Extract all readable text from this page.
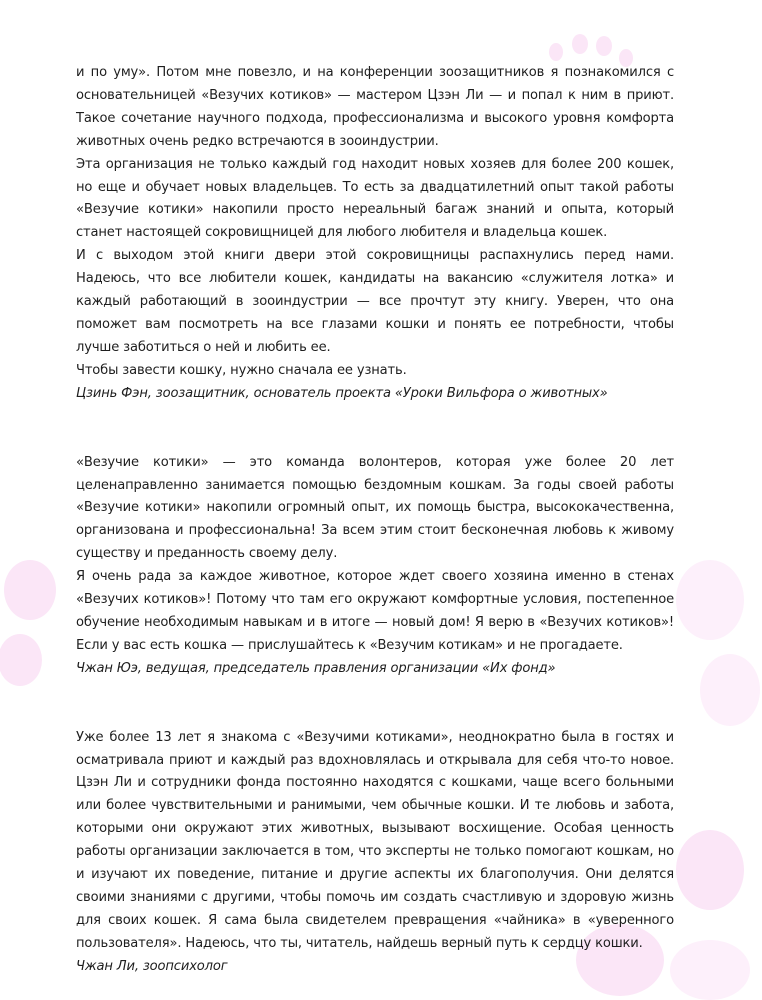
и по уму». Потом мне повезло, и на конференции зоозащитников я познакомился с основательницей «Везучих котиков» — мастером Цзэн Ли — и попал к ним в приют. Такое сочетание научного подхода, профессионализма и высокого уровня комфорта животных очень редко встречаются в зооиндустрии.

Эта организация не только каждый год находит новых хозяев для более 200 кошек, но еще и обучает новых владельцев. То есть за двадцатилетний опыт такой работы «Везучие котики» накопили просто нереальный багаж знаний и опыта, который станет настоящей сокровищницей для любого любителя и владельца кошек.

И с выходом этой книги двери этой сокровищницы распахнулись перед нами. Надеюсь, что все любители кошек, кандидаты на вакансию «служителя лотка» и каждый работающий в зооиндустрии — все прочтут эту книгу. Уверен, что она поможет вам посмотреть на все глазами кошки и понять ее потребности, чтобы лучше заботиться о ней и любить ее.

Чтобы завести кошку, нужно сначала ее узнать.

Цзинь Фэн, зоозащитник, основатель проекта «Уроки Вильфора о животных»

«Везучие котики» — это команда волонтеров, которая уже более 20 лет целенаправленно занимается помощью бездомным кошкам. За годы своей работы «Везучие котики» накопили огромный опыт, их помощь быстра, высококачественна, организована и профессиональна! За всем этим стоит бесконечная любовь к живому существу и преданность своему делу.

Я очень рада за каждое животное, которое ждет своего хозяина именно в стенах «Везучих котиков»! Потому что там его окружают комфортные условия, постепенное обучение необходимым навыкам и в итоге — новый дом! Я верю в «Везучих котиков»! Если у вас есть кошка — прислушайтесь к «Везучим котикам» и не прогадаете.

Чжан Юэ, ведущая, председатель правления организации «Их фонд»

Уже более 13 лет я знакома с «Везучими котиками», неоднократно была в гостях и осматривала приют и каждый раз вдохновлялась и открывала для себя что-то новое. Цзэн Ли и сотрудники фонда постоянно находятся с кошками, чаще всего больными или более чувствительными и ранимыми, чем обычные кошки. И те любовь и забота, которыми они окружают этих животных, вызывают восхищение. Особая ценность работы организации заключается в том, что эксперты не только помогают кошкам, но и изучают их поведение, питание и другие аспекты их благополучия. Они делятся своими знаниями с другими, чтобы помочь им создать счастливую и здоровую жизнь для своих кошек. Я сама была свидетелем превращения «чайника» в «уверенного пользователя». Надеюсь, что ты, читатель, найдешь верный путь к сердцу кошки.

Чжан Ли, зоопсихолог
